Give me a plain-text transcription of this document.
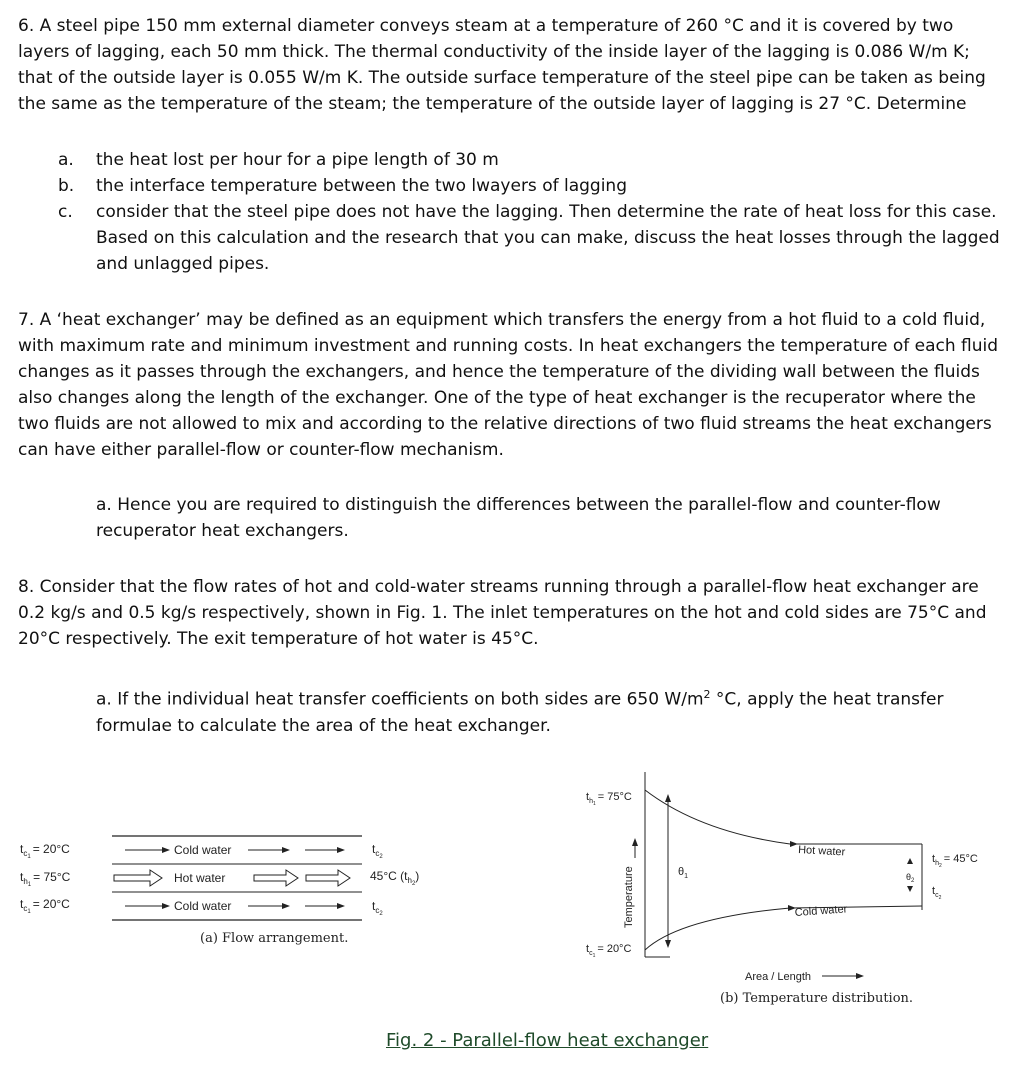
6. A steel pipe 150 mm external diameter conveys steam at a temperature of 260 °C and it is covered by two layers of lagging, each 50 mm thick. The thermal conductivity of the inside layer of the lagging is 0.086 W/m K; that of the outside layer is 0.055 W/m K. The outside surface temperature of the steel pipe can be taken as being the same as the temperature of the steam; the temperature of the outside layer of lagging is 27 °C. Determine
a.	the heat lost per hour for a pipe length of 30 m
b.	the interface temperature between the two lwayers of lagging
c.	consider that the steel pipe does not have the lagging. Then determine the rate of heat loss for this case. Based on this calculation and the research that you can make, discuss the heat losses through the lagged and unlagged pipes.
7. A ‘heat exchanger’ may be defined as an equipment which transfers the energy from a hot fluid to a cold fluid, with maximum rate and minimum investment and running costs. In heat exchangers the temperature of each fluid changes as it passes through the exchangers, and hence the temperature of the dividing wall between the fluids also changes along the length of the exchanger. One of the type of heat exchanger is the recuperator where the two fluids are not allowed to mix and according to the relative directions of two fluid streams the heat exchangers can have either parallel-flow or counter-flow mechanism.
a. Hence you are required to distinguish the differences between the parallel-flow and counter-flow recuperator heat exchangers.
8. Consider that the flow rates of hot and cold-water streams running through a parallel-flow heat exchanger are 0.2 kg/s and 0.5 kg/s respectively, shown in Fig. 1. The inlet temperatures on the hot and cold sides are 75°C and 20°C respectively. The exit temperature of hot water is 45°C.
a. If the individual heat transfer coefficients on both sides are 650 $W/m^2$ °C, apply the heat transfer formulae to calculate the area of the heat exchanger.
$t_c1= 20^\circ C$
$t_h1= 75^\circ C$
$t_c1= 20^\circ C$
Cold water
Hot water
Cold water
$t_c2$
45°C $(t_h2)$
$t_c2$
(a) Flow arrangement.
$t_h1= 75^\circ C$
$t_c1= 20^\circ C$
Temperature
Hot water
Cold water
$\theta_1$	$\theta_2$
$t_h2= 45^\circ C$
$t_c2$
Area / Length
(b) Temperature distribution.
Fig. 2 - Parallel-flow heat exchanger
